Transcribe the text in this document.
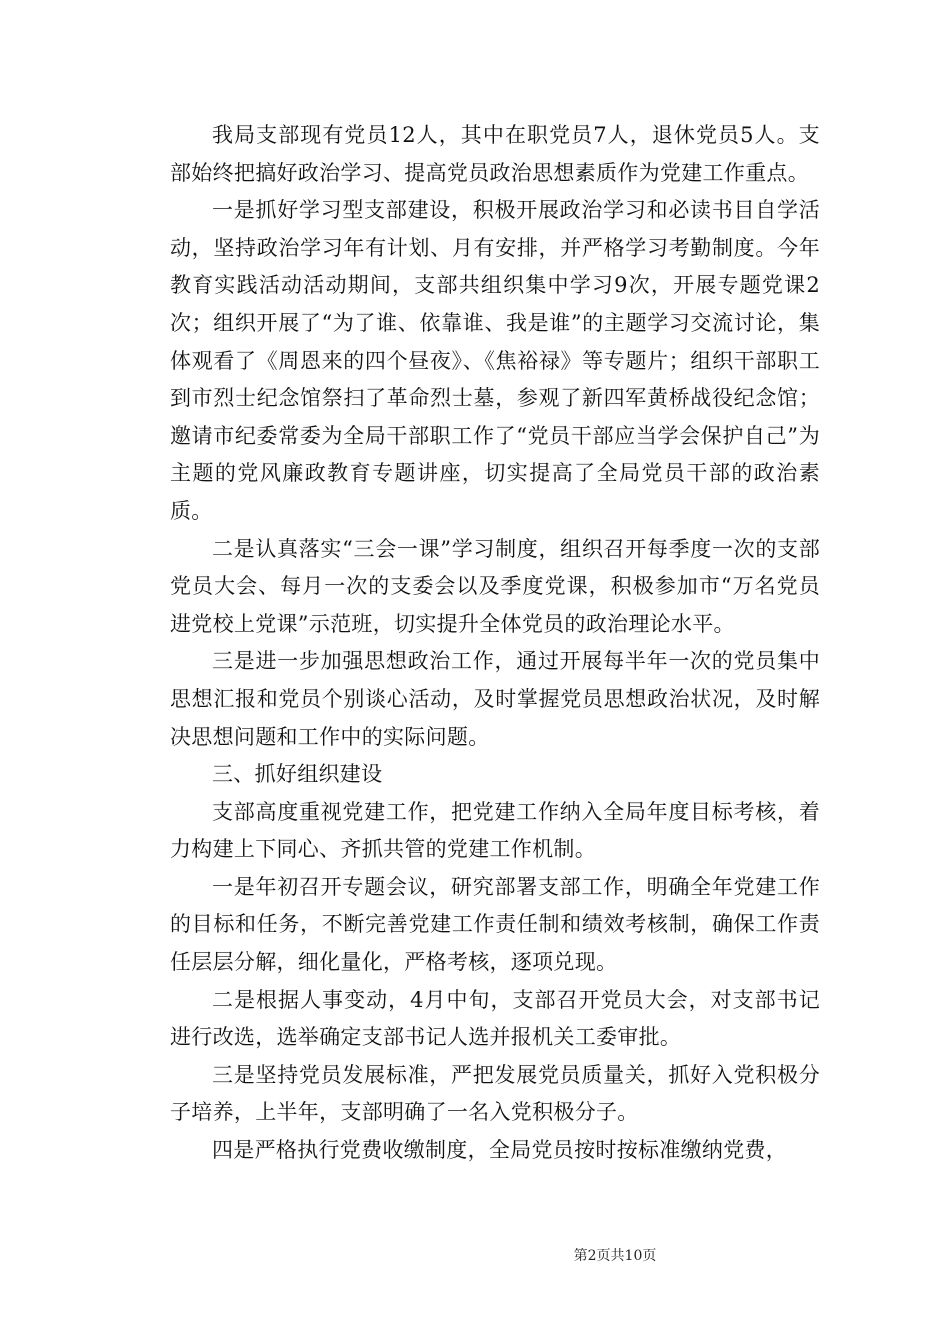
我局支部现有党员12人，其中在职党员7人，退休党员5人。支部始终把搞好政治学习、提高党员政治思想素质作为党建工作重点。

一是抓好学习型支部建设，积极开展政治学习和必读书目自学活动，坚持政治学习年有计划、月有安排，并严格学习考勤制度。今年教育实践活动活动期间，支部共组织集中学习9次，开展专题党课2次；组织开展了“为了谁、依靠谁、我是谁”的主题学习交流讨论，集体观看了《周恩来的四个昼夜》、《焦裕禄》等专题片；组织干部职工到市烈士纪念馆祭扫了革命烈士墓，参观了新四军黄桥战役纪念馆；邀请市纪委常委为全局干部职工作了“党员干部应当学会保护自己”为主题的党风廉政教育专题讲座，切实提高了全局党员干部的政治素质。

二是认真落实“三会一课”学习制度，组织召开每季度一次的支部党员大会、每月一次的支委会以及季度党课，积极参加市“万名党员进党校上党课”示范班，切实提升全体党员的政治理论水平。

三是进一步加强思想政治工作，通过开展每半年一次的党员集中思想汇报和党员个别谈心活动，及时掌握党员思想政治状况，及时解决思想问题和工作中的实际问题。

三、抓好组织建设

支部高度重视党建工作，把党建工作纳入全局年度目标考核，着力构建上下同心、齐抓共管的党建工作机制。

一是年初召开专题会议，研究部署支部工作，明确全年党建工作的目标和任务，不断完善党建工作责任制和绩效考核制，确保工作责任层层分解，细化量化，严格考核，逐项兑现。

二是根据人事变动，4月中旬，支部召开党员大会，对支部书记进行改选，选举确定支部书记人选并报机关工委审批。

三是坚持党员发展标准，严把发展党员质量关，抓好入党积极分子培养，上半年，支部明确了一名入党积极分子。

四是严格执行党费收缴制度，全局党员按时按标准缴纳党费，

第2页共10页
